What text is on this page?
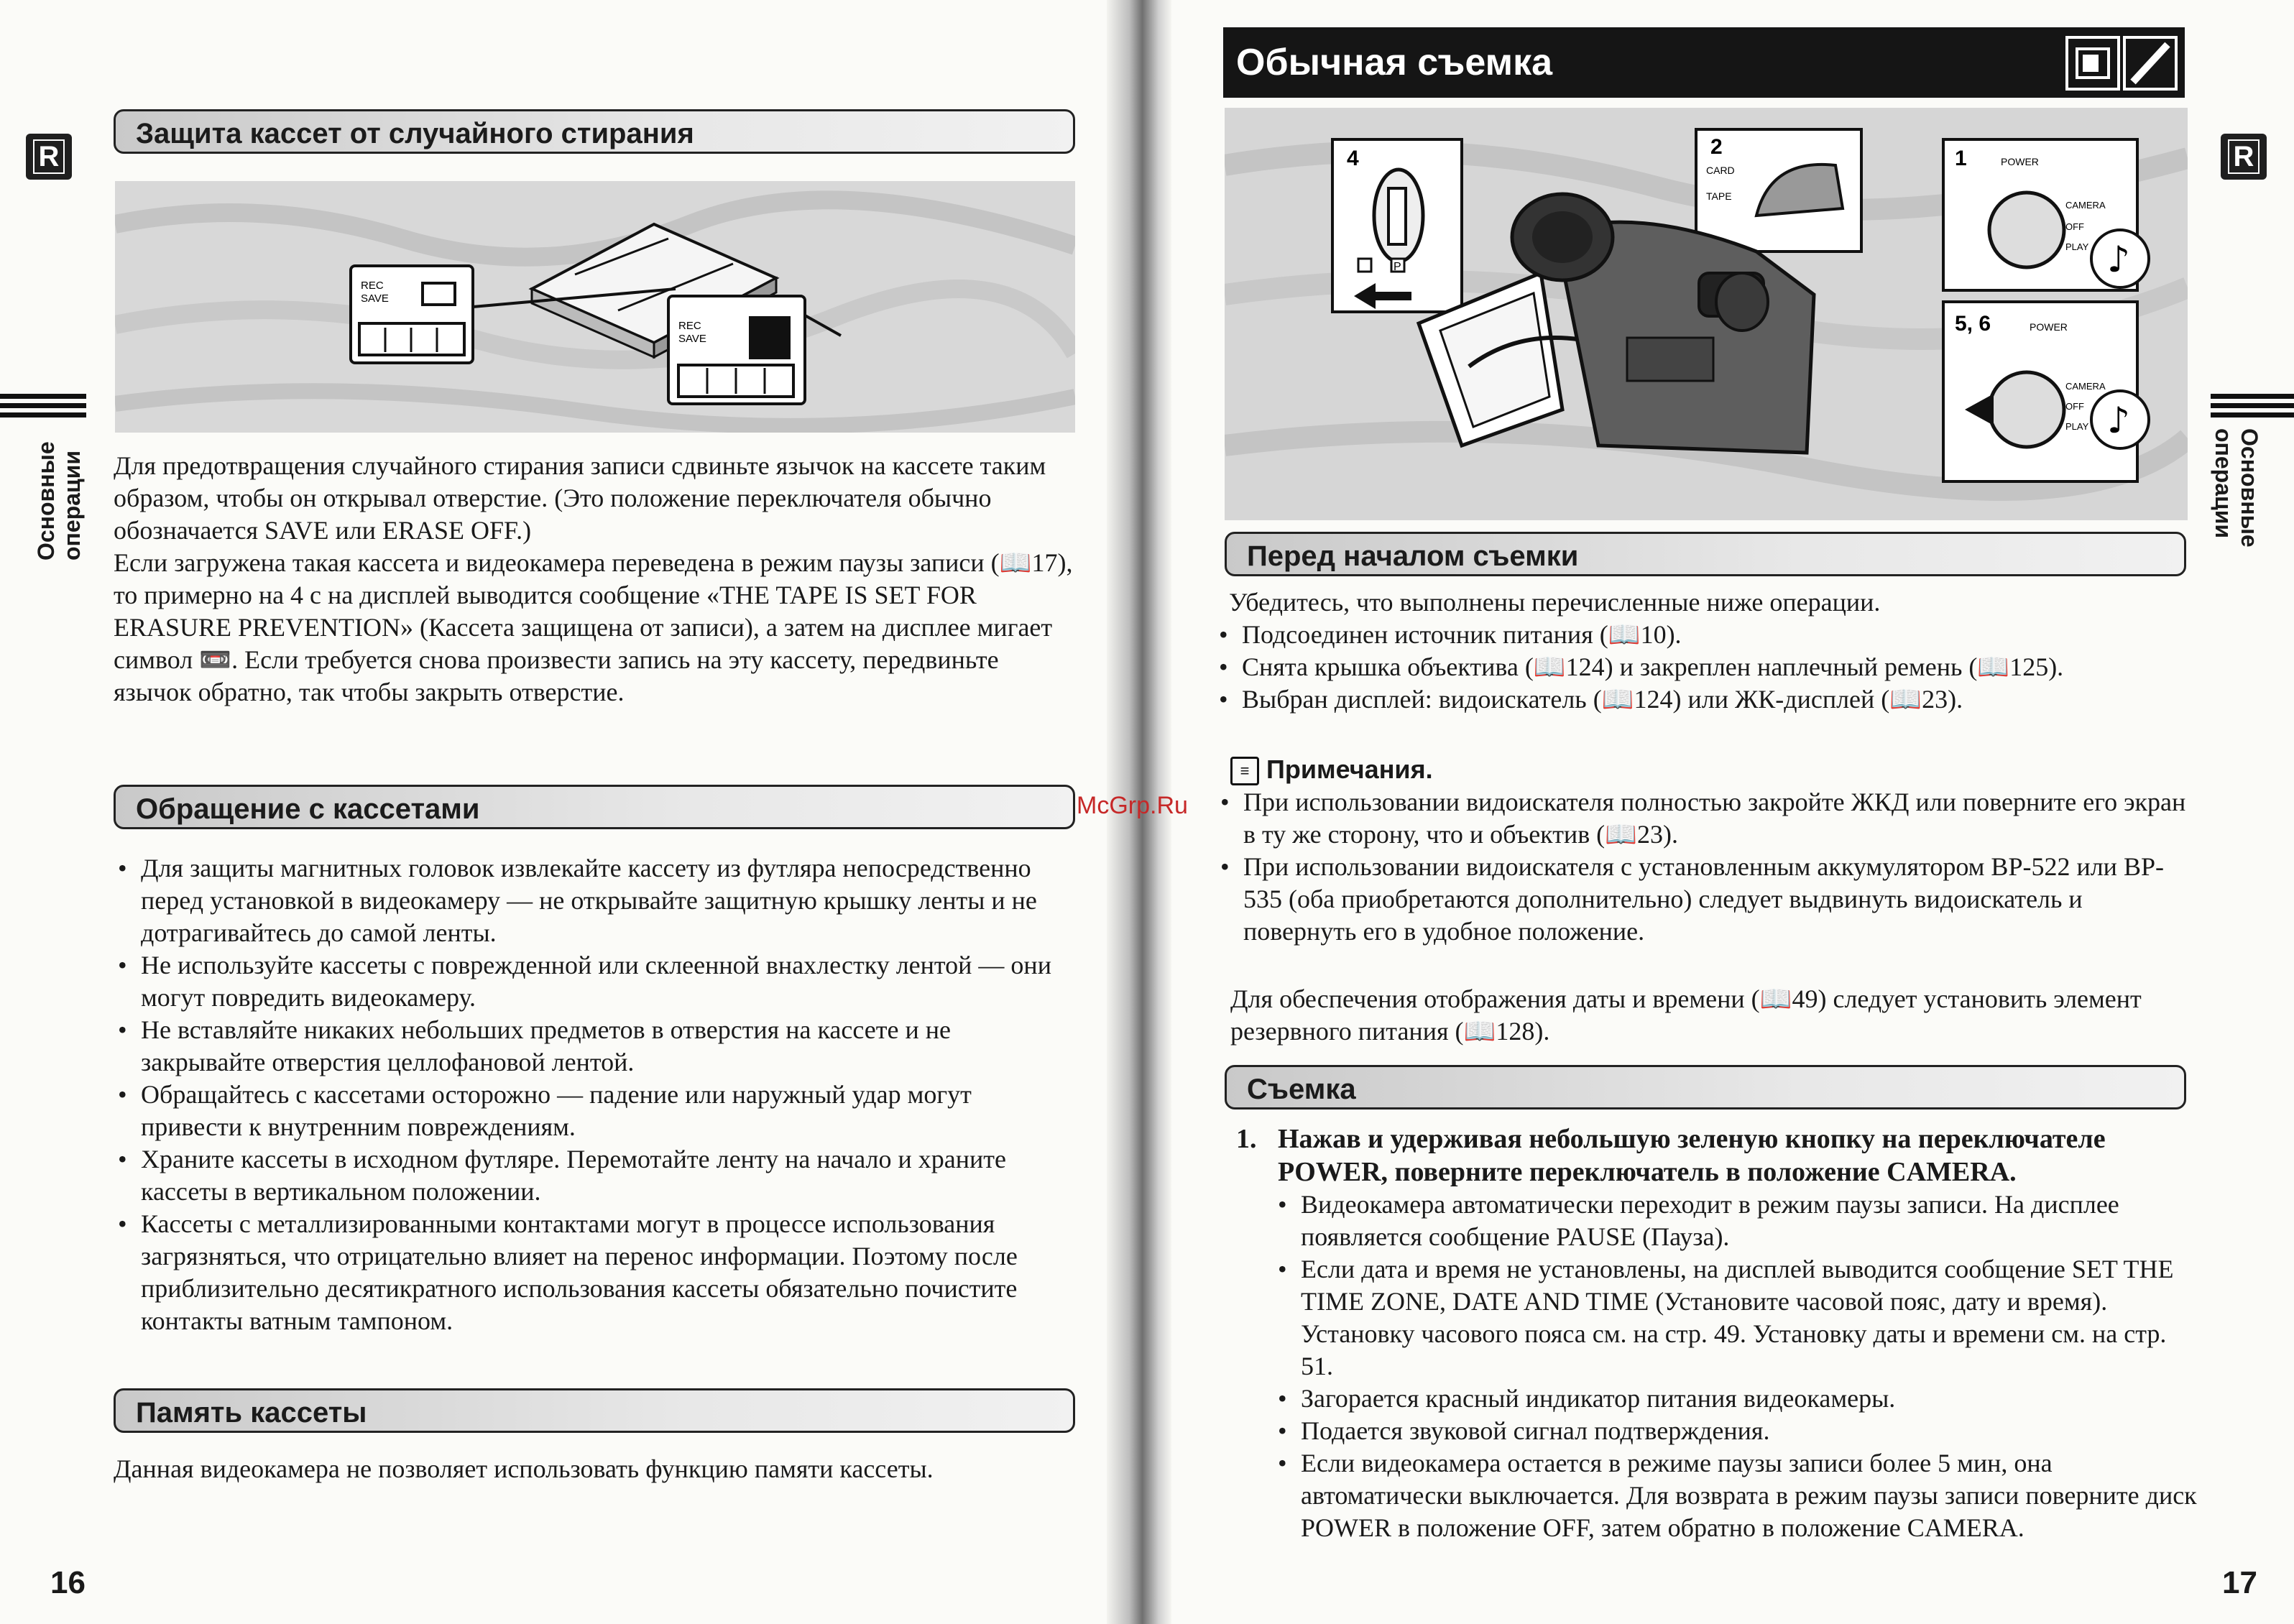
R
Основные операции
Защита кассет от случайного стирания
REC
SAVE
REC
SAVE

Для предотвращения случайного стирания записи сдвиньте язычок на кассете таким образом, чтобы он открывал отверстие. (Это положение переключателя обычно обозначается SAVE или ERASE OFF.)

Если загружена такая кассета и видеокамера переведена в режим паузы записи (📖17), то примерно на 4 с на дисплей выводится сообщение «THE TAPE IS SET FOR ERASURE PREVENTION» (Кассета защищена от записи), а затем на дисплее мигает символ 📼. Если требуется снова произвести запись на эту кассету, передвиньте язычок обратно, так чтобы закрыть отверстие.

Обращение с кассетами
• Для защиты магнитных головок извлекайте кассету из футляра непосредственно перед установкой в видеокамеру — не открывайте защитную крышку ленты и не дотрагивайтесь до самой ленты.
• Не используйте кассеты с поврежденной или склеенной внахлестку лентой — они могут повредить видеокамеру.
• Не вставляйте никаких небольших предметов в отверстия на кассете и не закрывайте отверстия целлофановой лентой.
• Обращайтесь с кассетами осторожно — падение или наружный удар могут привести к внутренним повреждениям.
• Храните кассеты в исходном футляре. Перемотайте ленту на начало и храните кассеты в вертикальном положении.
• Кассеты с металлизированными контактами могут в процессе использования загрязняться, что отрицательно влияет на перенос информации. Поэтому после приблизительно десятикратного использования кассеты обязательно почистите контакты ватным тампоном.
Память кассеты

Данная видеокамера не позволяет использовать функцию памяти кассеты.

16
Обычная съемка
R
Основные
операции
4
P
2
CARD
TAPE
1	POWER
CAMERA
OFF
PLAY
5, 6	POWER
CAMERA
OFF
PLAY
♪
♪
Перед началом съемки

Убедитесь, что выполнены перечисленные ниже операции.

• Подсоединен источник питания (📖10).
• Снята крышка объектива (📖124) и закреплен наплечный ремень (📖125).
• Выбран дисплей: видоискатель (📖124) или ЖК-дисплей (📖23).
≡ Примечания.
• При использовании видоискателя полностью закройте ЖКД или поверните его экран в ту же сторону, что и объектив (📖23).
• При использовании видоискателя с установленным аккумулятором BP-522 или BP-535 (оба приобретаются дополнительно) следует выдвинуть видоискатель и повернуть его в удобное положение.

Для обеспечения отображения даты и времени (📖49) следует установить элемент резервного питания (📖128).

Съемка
1. Нажав и удерживая небольшую зеленую кнопку на переключателе POWER, поверните переключатель в положение CAMERA.
• Видеокамера автоматически переходит в режим паузы записи. На дисплее появляется сообщение PAUSE (Пауза).
• Если дата и время не установлены, на дисплей выводится сообщение SET THE TIME ZONE, DATE AND TIME (Установите часовой пояс, дату и время). Установку часового пояса см. на стр. 49. Установку даты и времени см. на стр. 51.
• Загорается красный индикатор питания видеокамеры.
• Подается звуковой сигнал подтверждения.
• Если видеокамера остается в режиме паузы записи более 5 мин, она автоматически выключается. Для возврата в режим паузы записи поверните диск POWER в положение OFF, затем обратно в положение CAMERA.
McGrp.Ru
17
